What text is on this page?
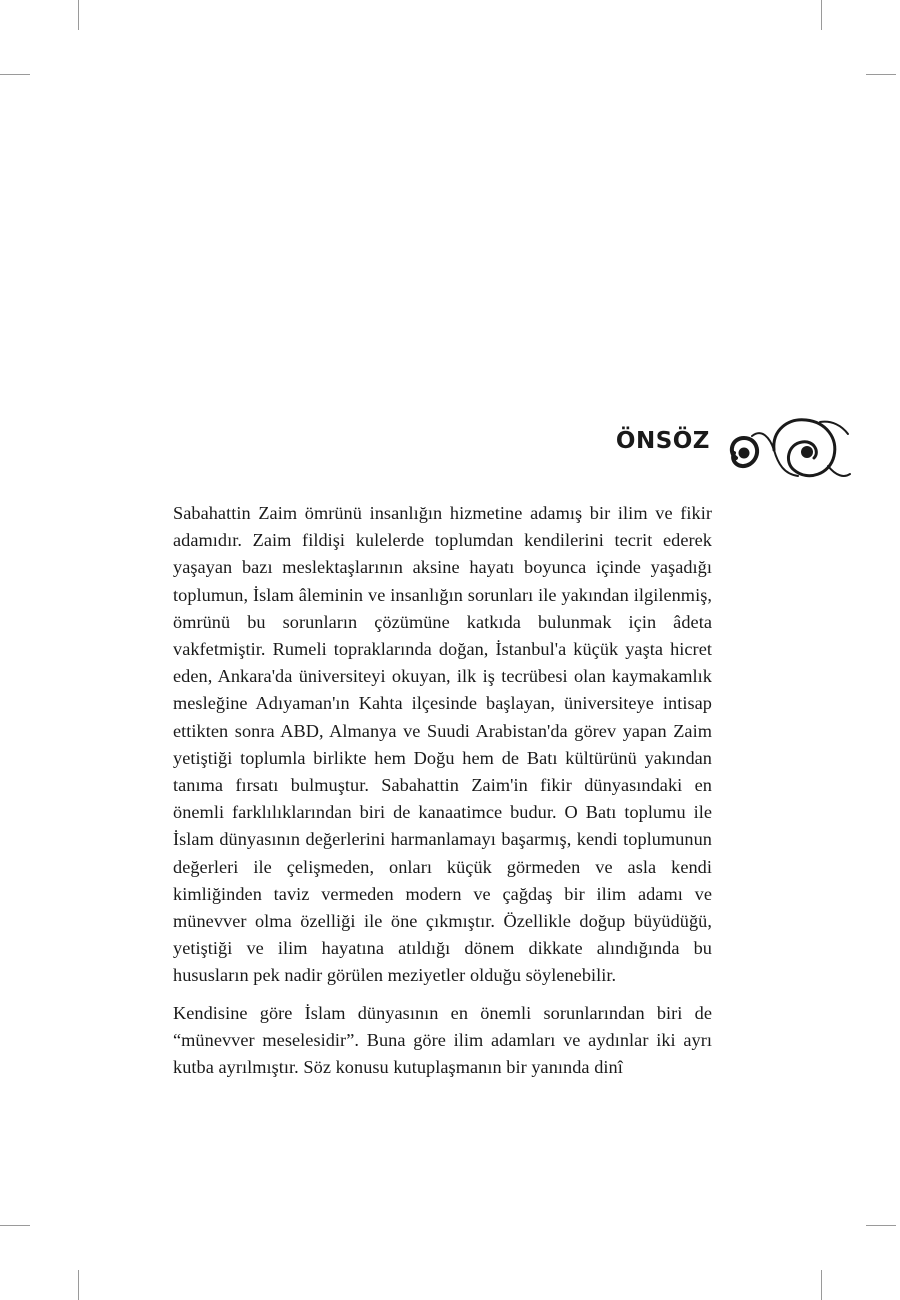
ÖNSÖZ

Sabahattin Zaim ömrünü insanlığın hizmetine adamış bir ilim ve fikir adamıdır. Zaim fildişi kulelerde toplumdan kendilerini tecrit ederek yaşayan bazı meslektaşlarının aksine hayatı boyunca içinde yaşadığı toplumun, İslam âleminin ve insanlığın sorunları ile yakından ilgilenmiş, ömrünü bu sorunların çözümüne katkıda bulunmak için âdeta vakfetmiştir. Rumeli topraklarında doğan, İstanbul'a küçük yaşta hicret eden, Ankara'da üniversiteyi okuyan, ilk iş tecrübesi olan kaymakamlık mesleğine Adıyaman'ın Kahta ilçesinde başlayan, üniversiteye intisap ettikten sonra ABD, Almanya ve Suudi Arabistan'da görev yapan Zaim yetiştiği toplumla birlikte hem Doğu hem de Batı kültürünü yakından tanıma fırsatı bulmuştur. Sabahattin Zaim'in fikir dünyasındaki en önemli farklılıklarından biri de kanaatimce budur. O Batı toplumu ile İslam dünyasının değerlerini harmanlamayı başarmış, kendi toplumunun değerleri ile çelişmeden, onları küçük görmeden ve asla kendi kimliğinden taviz vermeden modern ve çağdaş bir ilim adamı ve münevver olma özelliği ile öne çıkmıştır. Özellikle doğup büyüdüğü, yetiştiği ve ilim hayatına atıldığı dönem dikkate alındığında bu hususların pek nadir görülen meziyetler olduğu söylenebilir.

Kendisine göre İslam dünyasının en önemli sorunlarından biri de “münevver meselesidir”. Buna göre ilim adamları ve aydınlar iki ayrı kutba ayrılmıştır. Söz konusu kutuplaşmanın bir yanında dinî
